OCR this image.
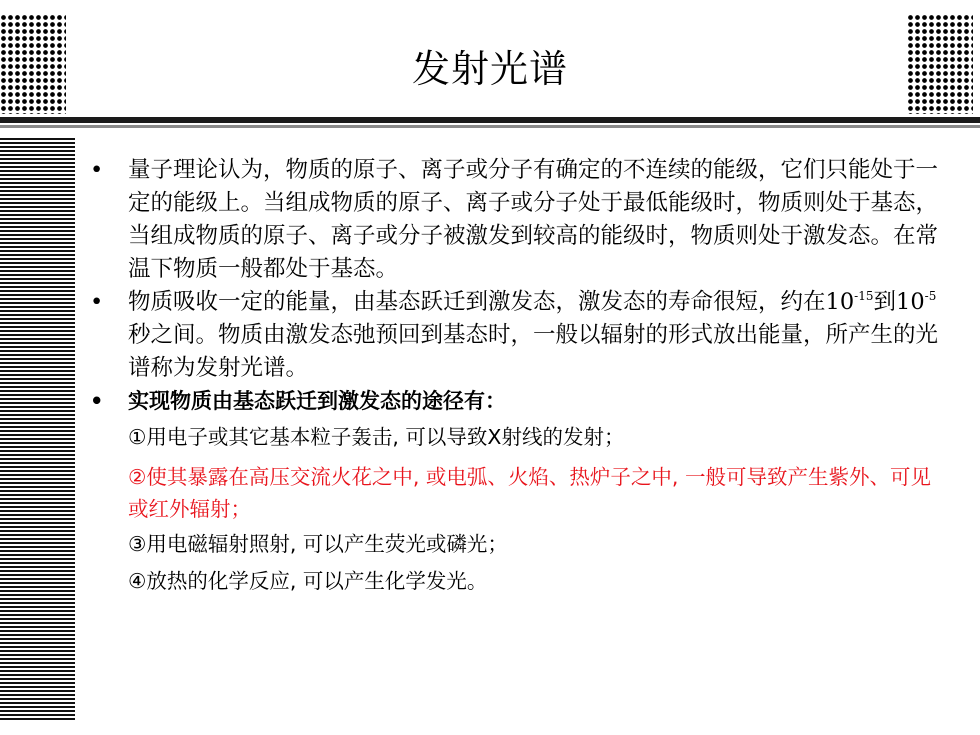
发射光谱
• 量子理论认为，物质的原子、离子或分子有确定的不连续的能级，它们只能处于一定的能级上。当组成物质的原子、离子或分子处于最低能级时，物质则处于基态，当组成物质的原子、离子或分子被激发到较高的能级时，物质则处于激发态。在常温下物质一般都处于基态。
• 物质吸收一定的能量，由基态跃迁到激发态，激发态的寿命很短，约在$10^{-15}$到$10^{-5}$秒之间。物质由激发态弛预回到基态时，一般以辐射的形式放出能量，所产生的光谱称为发射光谱。
•	实现物质由基态跃迁到激发态的途径有：
①用电子或其它基本粒子轰击, 可以导致X射线的发射；
②使其暴露在高压交流火花之中, 或电弧、火焰、热炉子之中, 一般可导致产生紫外、可见或红外辐射；
③用电磁辐射照射, 可以产生荧光或磷光；
④放热的化学反应, 可以产生化学发光。
